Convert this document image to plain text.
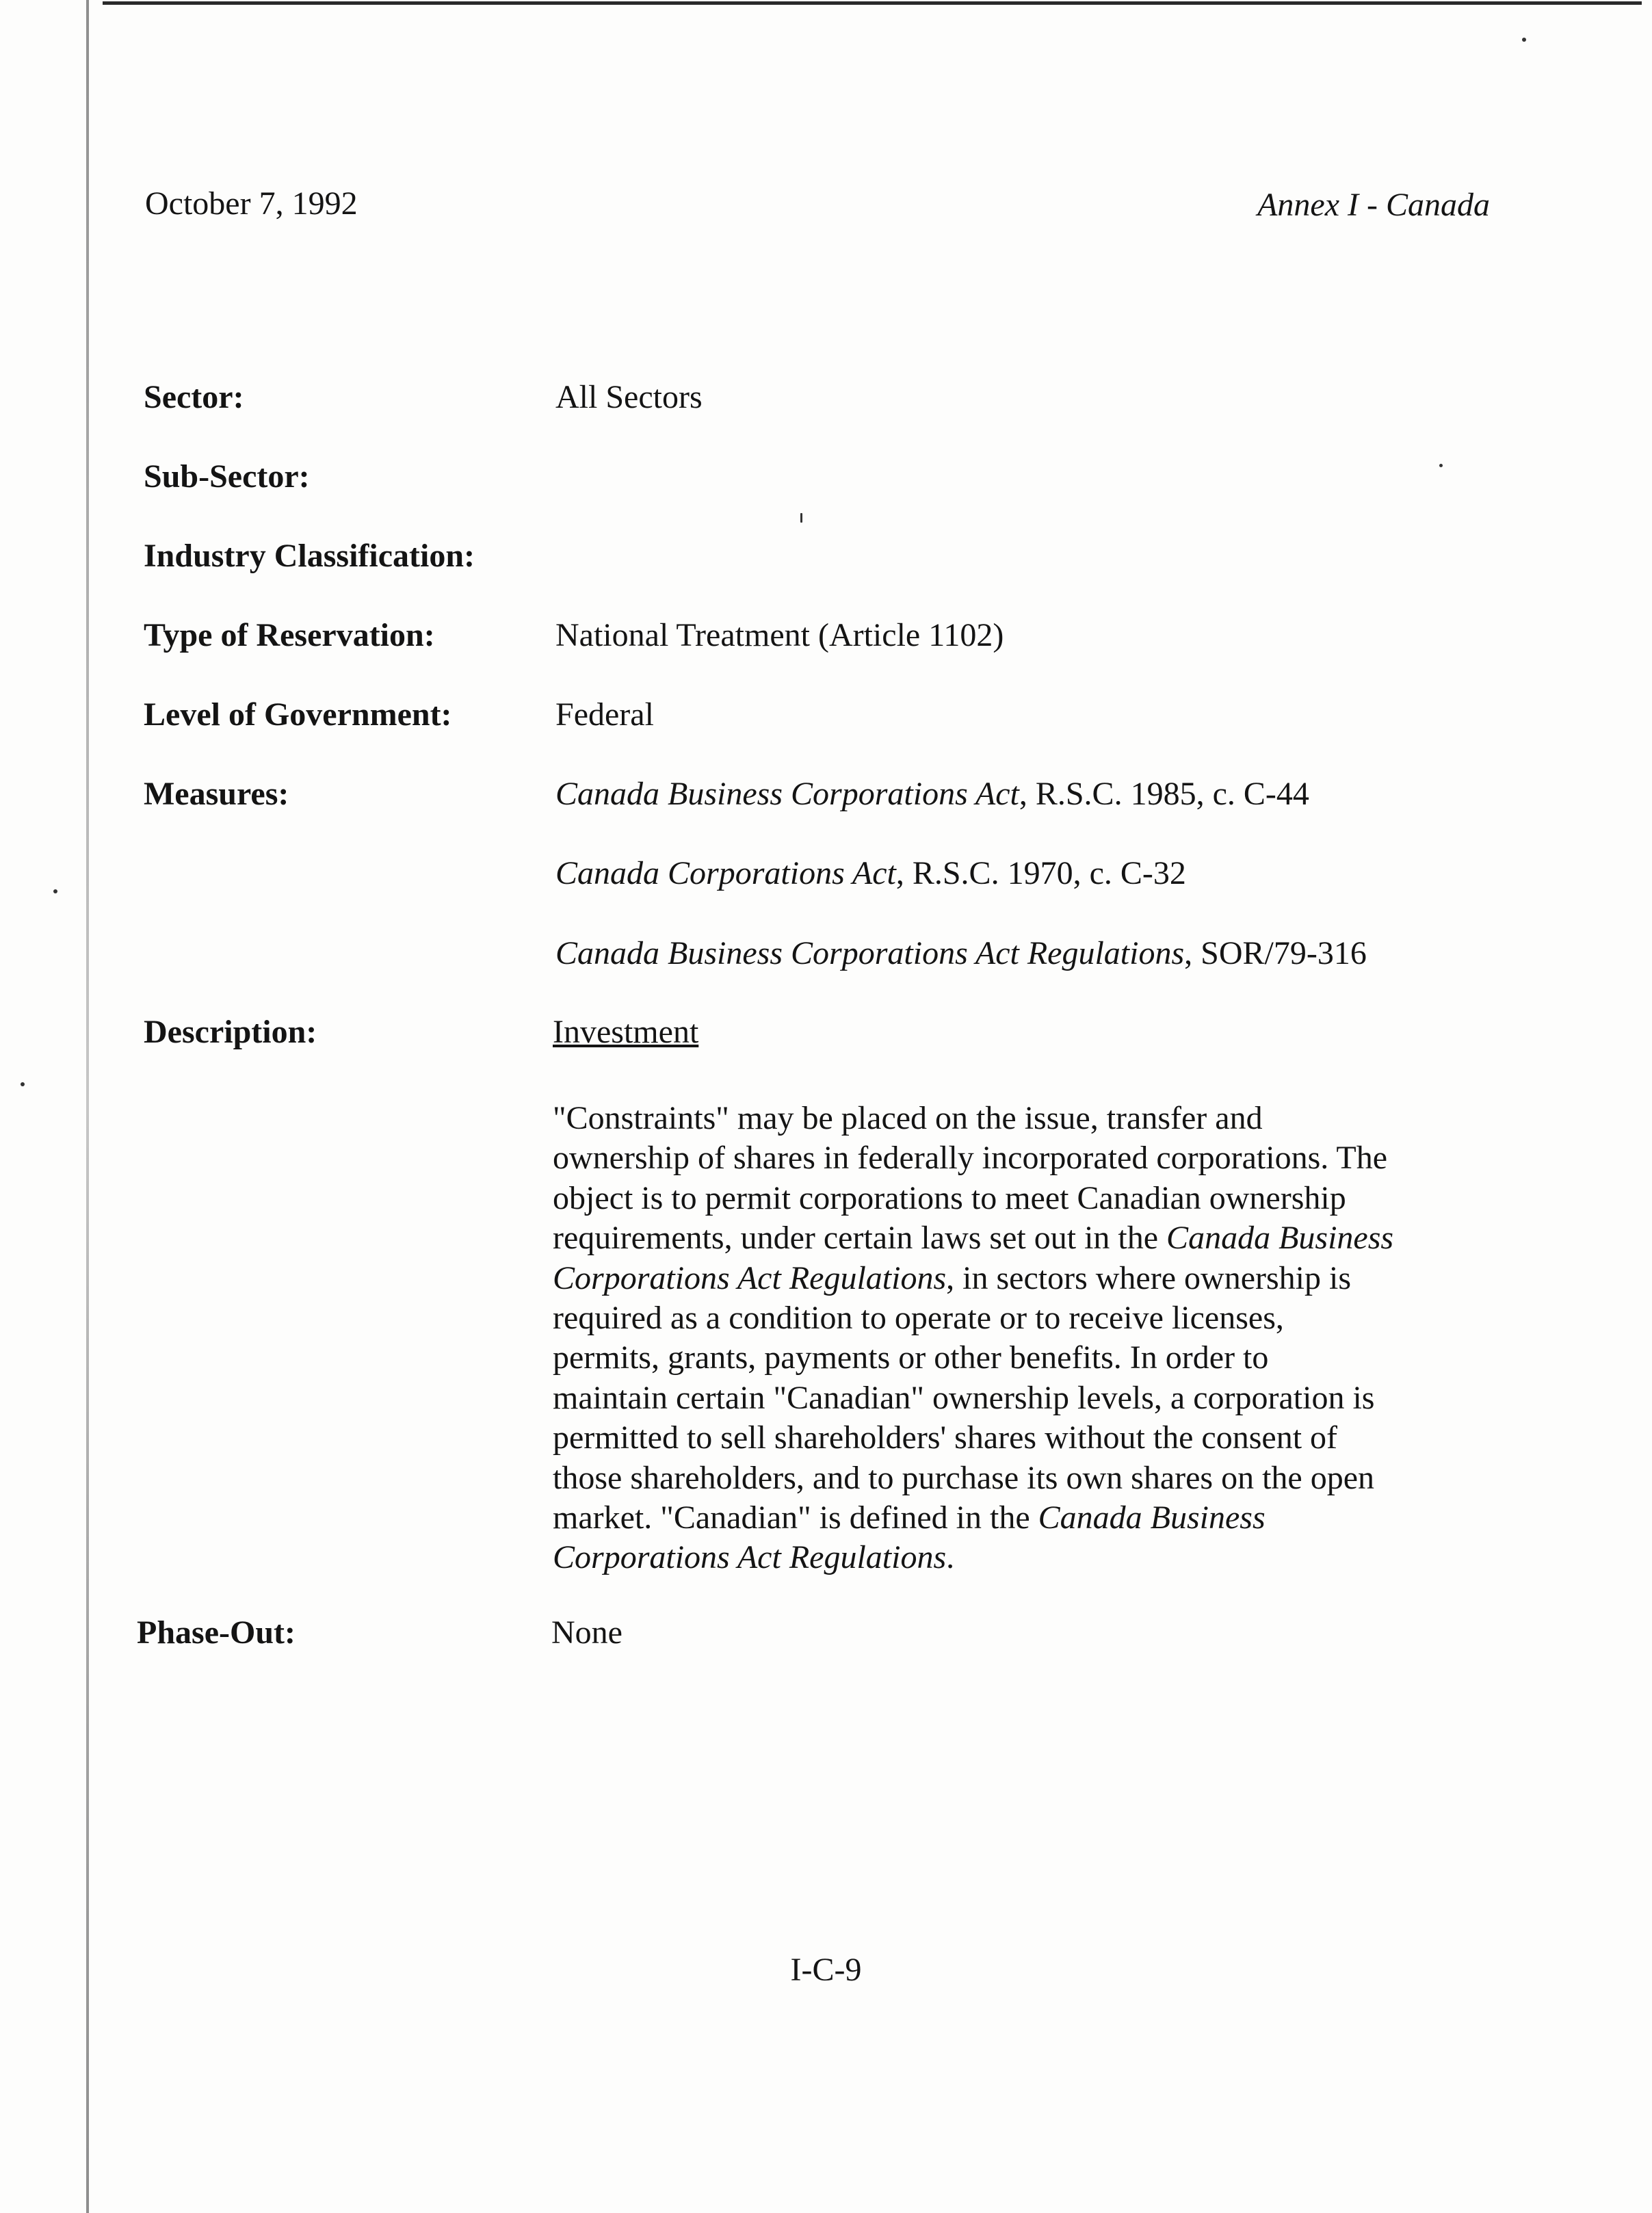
October 7, 1992	Annex I - Canada
Sector:	All Sectors
Sub-Sector:
Industry Classification:
Type of Reservation:	National Treatment (Article 1102)
Level of Government:	Federal
Measures:	Canada Business Corporations Act, R.S.C. 1985, c. C-44
Canada Corporations Act, R.S.C. 1970, c. C-32
Canada Business Corporations Act Regulations, SOR/79-316
Description:	Investment
"Constraints" may be placed on the issue, transfer and
ownership of shares in federally incorporated corporations. The
object is to permit corporations to meet Canadian ownership
requirements, under certain laws set out in the Canada Business
Corporations Act Regulations, in sectors where ownership is
required as a condition to operate or to receive licenses,
permits, grants, payments or other benefits. In order to
maintain certain "Canadian" ownership levels, a corporation is
permitted to sell shareholders' shares without the consent of
those shareholders, and to purchase its own shares on the open
market. "Canadian" is defined in the Canada Business
Corporations Act Regulations.
Phase-Out:	None
I-C-9
